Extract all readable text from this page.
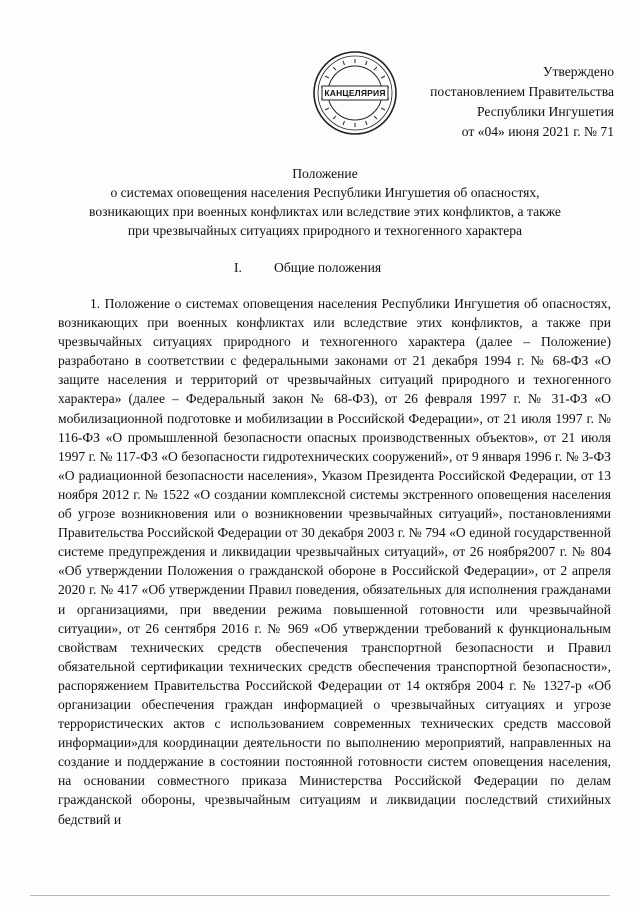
КАНЦЕЛЯРИЯ
Утверждено
постановлением Правительства
Республики Ингушетия
от «04» июня 2021 г. № 71
Положение
о системах оповещения населения Республики Ингушетия об опасностях,
возникающих при военных конфликтах или вследствие этих конфликтов, а также
при чрезвычайных ситуациях природного и техногенного характера
I. Общие положения

1. Положение о системах оповещения населения Республики Ингушетия об опасностях, возникающих при военных конфликтах или вследствие этих конфликтов, а также при чрезвычайных ситуациях природного и техногенного характера (далее – Положение) разработано в соответствии с федеральными законами от 21 декабря 1994 г. № 68-ФЗ «О защите населения и территорий от чрезвычайных ситуаций природного и техногенного характера» (далее – Федеральный закон № 68-ФЗ), от 26 февраля 1997 г. № 31-ФЗ «О мобилизационной подготовке и мобилизации в Российской Федерации», от 21 июля 1997 г. № 116-ФЗ «О промышленной безопасности опасных производственных объектов», от 21 июля 1997 г. № 117-ФЗ «О безопасности гидротехнических сооружений», от 9 января 1996 г. № 3-ФЗ «О радиационной безопасности населения», Указом Президента Российской Федерации, от 13 ноября 2012 г. № 1522 «О создании комплексной системы экстренного оповещения населения об угрозе возникновения или о возникновении чрезвычайных ситуаций», постановлениями Правительства Российской Федерации от 30 декабря 2003 г. № 794 «О единой государственной системе предупреждения и ликвидации чрезвычайных ситуаций», от 26 ноября2007 г. № 804 «Об утверждении Положения о гражданской обороне в Российской Федерации», от 2 апреля 2020 г. № 417 «Об утверждении Правил поведения, обязательных для исполнения гражданами и организациями, при введении режима повышенной готовности или чрезвычайной ситуации», от 26 сентября 2016 г. № 969 «Об утверждении требований к функциональным свойствам технических средств обеспечения транспортной безопасности и Правил обязательной сертификации технических средств обеспечения транспортной безопасности», распоряжением Правительства Российской Федерации от 14 октября 2004 г. № 1327-р «Об организации обеспечения граждан информацией о чрезвычайных ситуациях и угрозе террористических актов с использованием современных технических средств массовой информации»для координации деятельности по выполнению мероприятий, направленных на создание и поддержание в состоянии постоянной готовности систем оповещения населения, на основании совместного приказа Министерства Российской Федерации по делам гражданской обороны, чрезвычайным ситуациям и ликвидации последствий стихийных бедствий и
